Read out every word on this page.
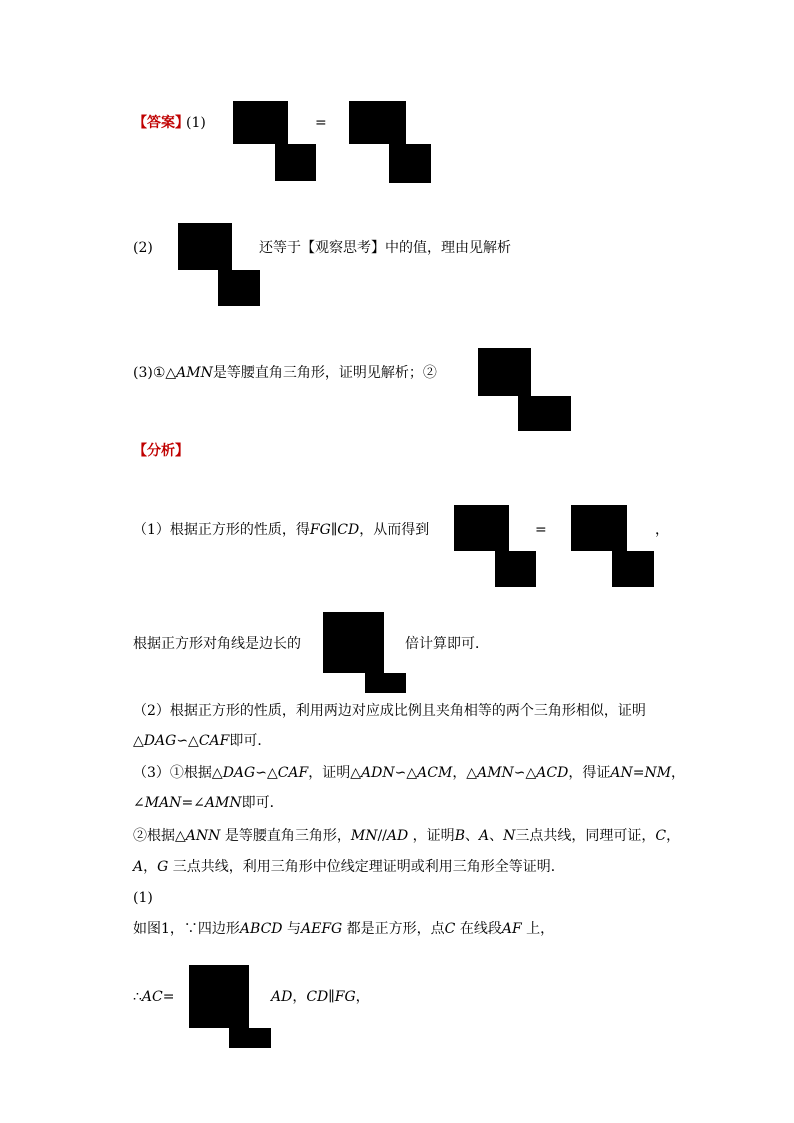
【答案】
(1)	=
(2)	还等于【观察思考】中的值，理由见解析
(3)①△AMN是等腰直角三角形，证明见解析；②
【分析】
（1）根据正方形的性质，得FG∥CD，从而得到	=	，
根据正方形对角线是边长的	倍计算即可．
（2）根据正方形的性质，利用两边对应成比例且夹角相等的两个三角形相似，证明
△DAG∽△CAF即可．
（3）①根据△DAG∽△CAF，证明△ADN∽△ACM，△AMN∽△ACD，得证AN=NM，
∠MAN=∠AMN即可．
②根据△ANN 是等腰直角三角形，MN//AD ，证明B、A、N三点共线，同理可证，C，
A，G 三点共线，利用三角形中位线定理证明或利用三角形全等证明．
(1)
如图1，∵四边形ABCD 与AEFG 都是正方形，点C 在线段AF 上，
∴AC=	AD，CD∥FG，
